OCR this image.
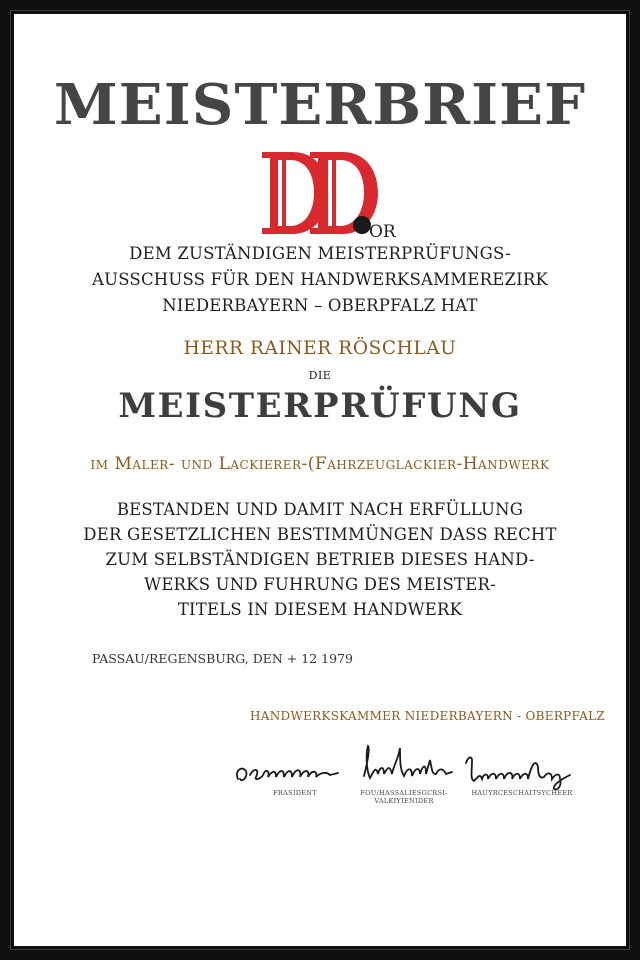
MEISTERBRIEF
OR
DEM ZUSTÄNDIGEN MEISTERPRÜFUNGS-
AUSSCHUSS FÜR DEN HANDWERKSAMMEREZIRK
NIEDERBAYERN – OBERPFALZ HAT
HERR RAINER RÖSCHLAU
DIE
MEISTERPRÜFUNG
im Maler- und Lackierer-(Fahrzeuglackier-Handwerk
BESTANDEN UND DAMIT NACH ERFÜLLUNG
DER GESETZLICHEN BESTIMMÜNGEN DASS RECHT
ZUM SELBSTÄNDIGEN BETRIEB DIESES HAND-
WERKS UND FUHRUNG DES MEISTER-
TITELS IN DIESEM HANDWERK
PASSAU/REGENSBURG, DEN + 12 1979
HANDWERKSKAMMER NIEDERBAYERN - OBERPFALZ
FRASIDENT	FOU/HASSALIESGCRSI-
VALKIYIENIDER
HAUYRCESCHAITSYCHEER
